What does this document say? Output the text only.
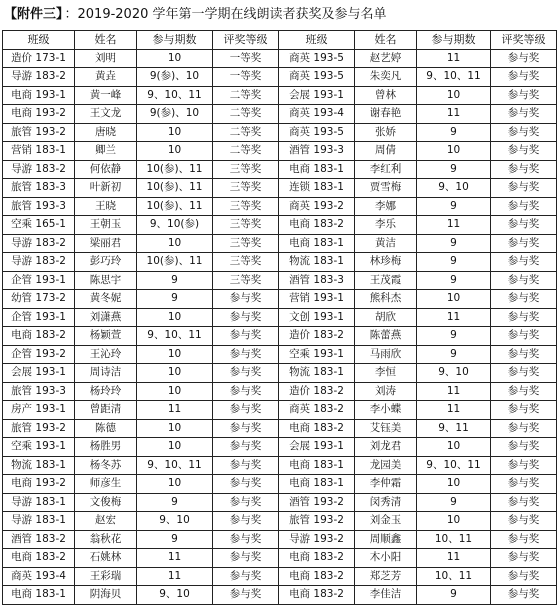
【附件三】 ：2019-2020 学年第一学期在线朗读者获奖及参与名单
班级	姓名	参与期数	评奖等级	班级	姓名	参与期数	评奖等级
造价 173-1	刘明	10	一等奖	商英 193-5	赵艺婷	11	参与奖
导游 183-2	黄垚	9(参)、10	一等奖	商英 193-5	朱奕凡	9、10、11	参与奖
电商 193-1	黄一峰	9、10、11	二等奖	会展 193-1	曾林	10	参与奖
电商 193-2	王文龙	9(参)、10	二等奖	商英 193-4	谢春艳	11	参与奖
旅管 193-2	唐晓	10	二等奖	商英 193-5	张娇	9	参与奖
营销 183-1	卿兰	10	二等奖	酒管 193-3	周倩	10	参与奖
导游 183-2	何依静	10(参)、11	三等奖	电商 183-1	李红利	9	参与奖
旅管 183-3	叶新初	10(参)、11	三等奖	连锁 183-1	贾雪梅	9、10	参与奖
旅管 193-3	王晓	10(参)、11	三等奖	商英 193-2	李娜	9	参与奖
空乘 165-1	王朝玉	9、10(参)	三等奖	电商 183-2	李乐	11	参与奖
导游 183-2	梁丽君	10	三等奖	电商 183-1	黄洁	9	参与奖
导游 183-2	彭巧玲	10(参)、11	三等奖	物流 183-1	林珍梅	9	参与奖
企管 193-1	陈思宇	9	三等奖	酒管 183-3	王茂霞	9	参与奖
幼管 173-2	黄冬妮	9	参与奖	营销 193-1	熊科杰	10	参与奖
企管 193-1	刘潇燕	10	参与奖	文创 193-1	胡欣	11	参与奖
电商 183-2	杨颖萱	9、10、11	参与奖	造价 183-2	陈蕾燕	9	参与奖
企管 193-2	王沁玲	10	参与奖	空乘 193-1	马雨欣	9	参与奖
会展 193-1	周诗洁	10	参与奖	物流 183-1	李恒	9、10	参与奖
旅管 193-3	杨玲玲	10	参与奖	造价 183-2	刘涛	11	参与奖
房产 193-1	曾距清	11	参与奖	商英 183-2	李小蝶	11	参与奖
旅管 193-2	陈德	10	参与奖	电商 183-2	艾钰美	9、11	参与奖
空乘 193-1	杨胜男	10	参与奖	会展 193-1	刘龙君	10	参与奖
物流 183-1	杨冬苏	9、10、11	参与奖	电商 183-1	龙园美	9、10、11	参与奖
电商 193-2	师彦生	10	参与奖	电商 183-1	李仲霜	10	参与奖
导游 183-1	文俊梅	9	参与奖	酒管 193-2	闵秀清	9	参与奖
导游 183-1	赵宏	9、10	参与奖	旅管 193-2	刘金玉	10	参与奖
酒管 183-2	翁秋花	9	参与奖	导游 193-2	周顺鑫	10、11	参与奖
电商 183-2	石姚林	11	参与奖	电商 183-2	木小阳	11	参与奖
商英 193-4	王彩瑞	11	参与奖	电商 183-2	郑芝芳	10、11	参与奖
电商 183-1	阴海贝	9、10	参与奖	电商 183-2	李佳洁	9	参与奖
